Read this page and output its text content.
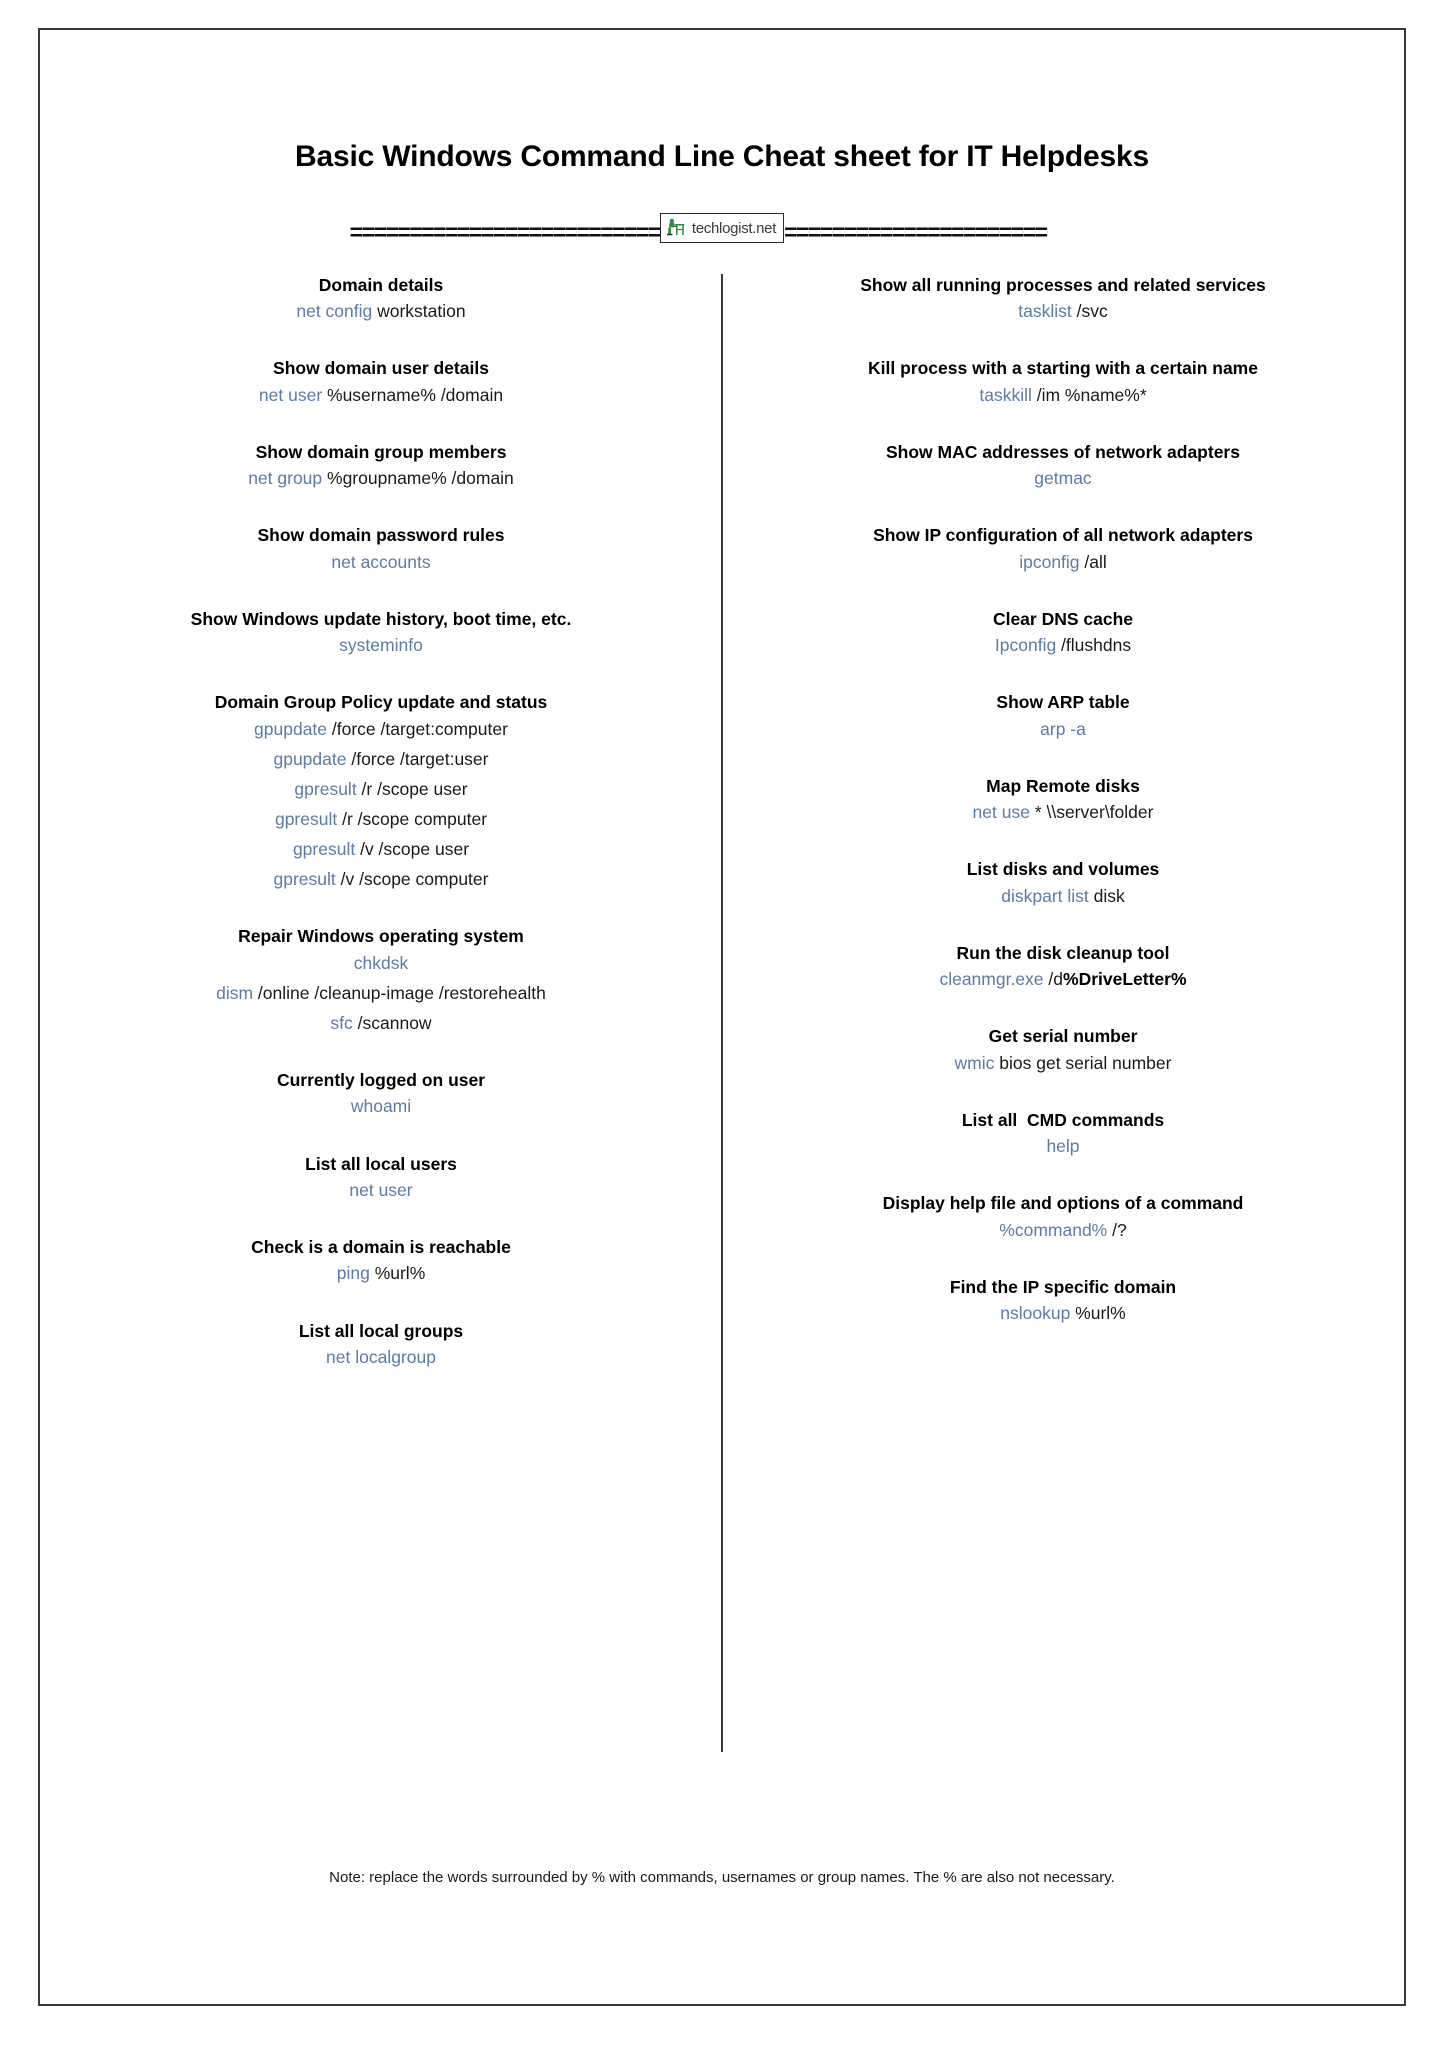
Basic Windows Command Line Cheat sheet for IT Helpdesks
========================== techlogist.net ======================
Domain details
net config workstation
Show domain user details
net user %username% /domain
Show domain group members
net group %groupname% /domain
Show domain password rules
net accounts
Show Windows update history, boot time, etc.
systeminfo
Domain Group Policy update and status
gpupdate /force /target:computer
gpupdate /force /target:user
gpresult /r /scope user
gpresult /r /scope computer
gpresult /v /scope user
gpresult /v /scope computer
Repair Windows operating system
chkdsk
dism /online /cleanup-image /restorehealth
sfc /scannow
Currently logged on user
whoami
List all local users
net user
Check is a domain is reachable
ping %url%
List all local groups
net localgroup
Show all running processes and related services
tasklist /svc
Kill process with a starting with a certain name
taskkill /im %name%*
Show MAC addresses of network adapters
getmac
Show IP configuration of all network adapters
ipconfig /all
Clear DNS cache
Ipconfig /flushdns
Show ARP table
arp -a
Map Remote disks
net use * \\server\folder
List disks and volumes
diskpart list disk
Run the disk cleanup tool
cleanmgr.exe /d%DriveLetter%
Get serial number
wmic bios get serial number
List all  CMD commands
help
Display help file and options of a command
%command% /?
Find the IP specific domain
nslookup %url%
Note: replace the words surrounded by % with commands, usernames or group names. The % are also not necessary.
